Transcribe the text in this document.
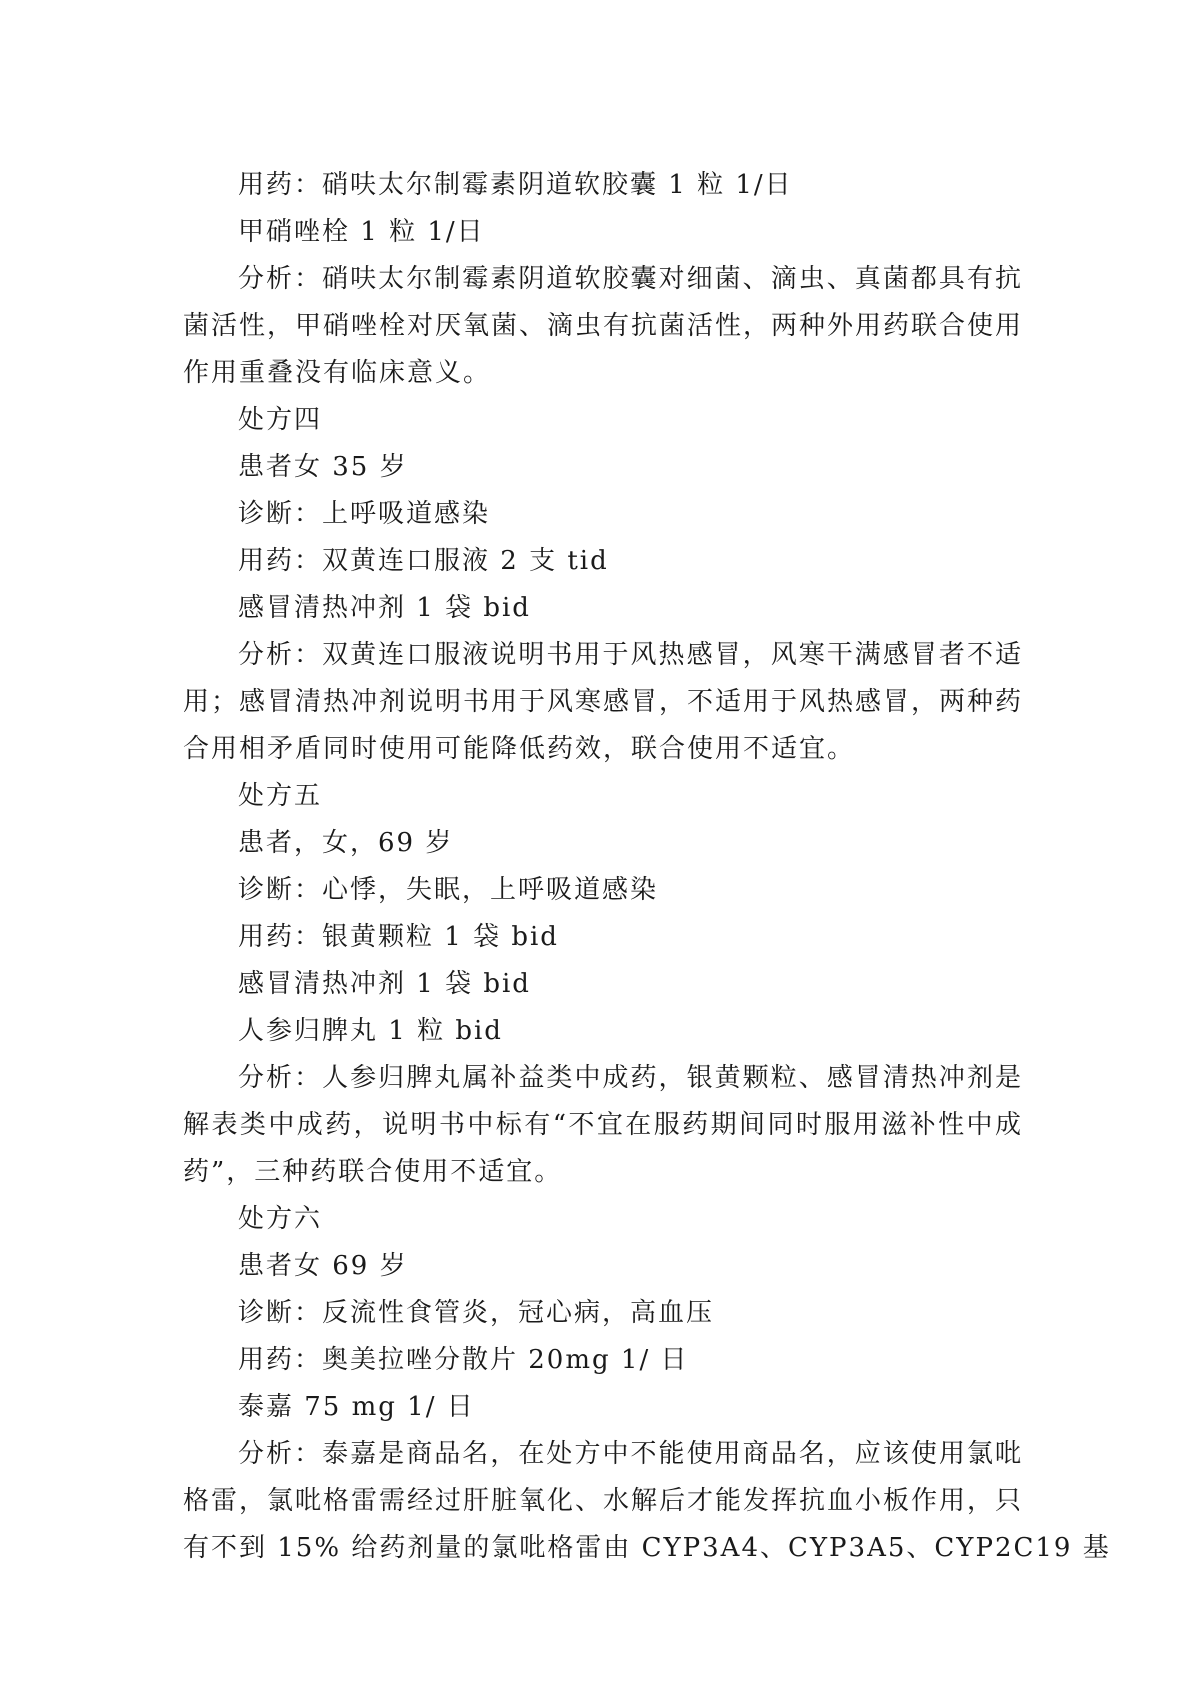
用药：硝呋太尔制霉素阴道软胶囊 1 粒 1/日

甲硝唑栓 1 粒 1/日

分析：硝呋太尔制霉素阴道软胶囊对细菌、滴虫、真菌都具有抗

菌活性，甲硝唑栓对厌氧菌、滴虫有抗菌活性，两种外用药联合使用

作用重叠没有临床意义。

处方四

患者女 35 岁

诊断：上呼吸道感染

用药：双黄连口服液 2 支 tid

感冒清热冲剂 1 袋 bid

分析：双黄连口服液说明书用于风热感冒，风寒干满感冒者不适

用；感冒清热冲剂说明书用于风寒感冒，不适用于风热感冒，两种药

合用相矛盾同时使用可能降低药效，联合使用不适宜。

处方五

患者，女，69 岁

诊断：心悸，失眠，上呼吸道感染

用药：银黄颗粒 1 袋 bid

感冒清热冲剂 1 袋 bid

人参归脾丸 1 粒 bid

分析：人参归脾丸属补益类中成药，银黄颗粒、感冒清热冲剂是

解表类中成药，说明书中标有“不宜在服药期间同时服用滋补性中成

药”，三种药联合使用不适宜。

处方六

患者女 69 岁

诊断：反流性食管炎，冠心病，高血压

用药：奥美拉唑分散片 20mg 1/ 日

泰嘉 75 mg 1/ 日

分析：泰嘉是商品名，在处方中不能使用商品名，应该使用氯吡

格雷，氯吡格雷需经过肝脏氧化、水解后才能发挥抗血小板作用，只

有不到 15% 给药剂量的氯吡格雷由 CYP3A4、CYP3A5、CYP2C19 基
